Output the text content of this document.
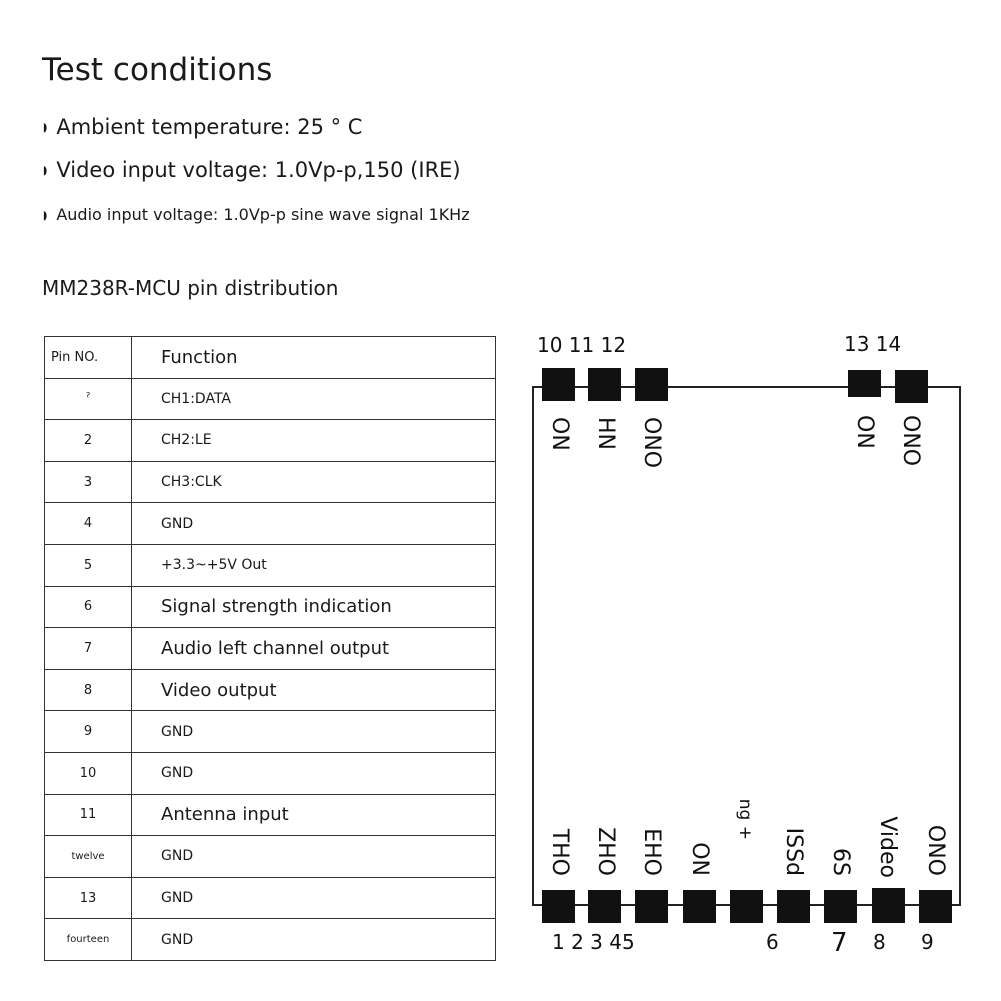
Test conditions
◗ Ambient temperature: 25 ° C
◗ Video input voltage: 1.0Vp-p,150 (IRE)
◗ Audio input voltage: 1.0Vp-p sine wave signal 1KHz
MM238R-MCU pin distribution
Pin NO.	Function
ˀ	CH1:DATA
2	CH2:LE
3	CH3:CLK
4	GND
5	+3.3~+5V Out
6	Signal strength indication
7	Audio left channel output
8	Video output
9	GND
10	GND
11	Antenna input
twelve	GND
13	GND
fourteen	GND
10 11 12	13 14
ON HN ONO	ON ONO
THO ZHO EHO ON
ng +
ISSd 6S Video ONO
1 2 3 45	6 7 8 9
